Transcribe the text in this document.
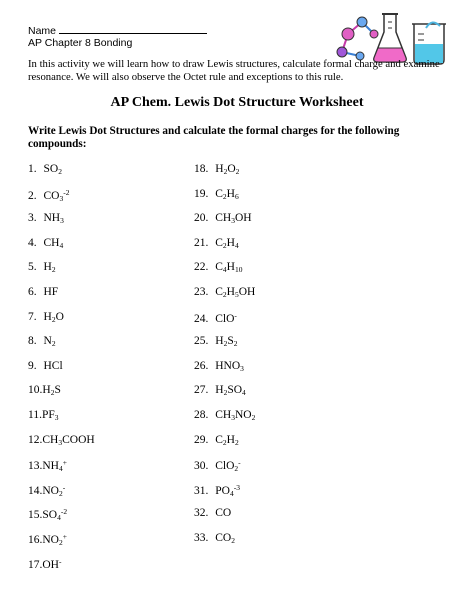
Name
AP Chapter 8 Bonding
In this activity we will learn how to draw Lewis structures, calculate formal charge and examine resonance. We will also observe the Octet rule and exceptions to this rule.
AP Chem. Lewis Dot Structure Worksheet
Write Lewis Dot Structures and calculate the formal charges for the following compounds:
1. $SO_2$
2. $CO_3^{-2}$
3. $NH_3$
4. $CH_4$
5. $H_2$
6. HF
7. $H_2O$
8. $N_2$
9. HCl
$10.H_2S$
$11.PF_3$
$12.CH_3COOH$
$13.NH_4^+$
$14.NO_2^-$
$15.SO_4^{-2}$
$16.NO_2^+$
17.OH-
18. $H_2O_2$
19. $C_2H_6$
20. $CH_3OH$
21. $C_2H_4$
22. $C_4H_{10}$
23. $C_2H_5OH$
24. ClO-
25. $H_2S_2$
26. $HNO_3$
27. $H_2SO_4$
28. $CH_3NO_2$
29. $C_2H_2$
30. ClO$_2$-
31. $PO_4^{-3}$
32. CO
33. $CO_2$
